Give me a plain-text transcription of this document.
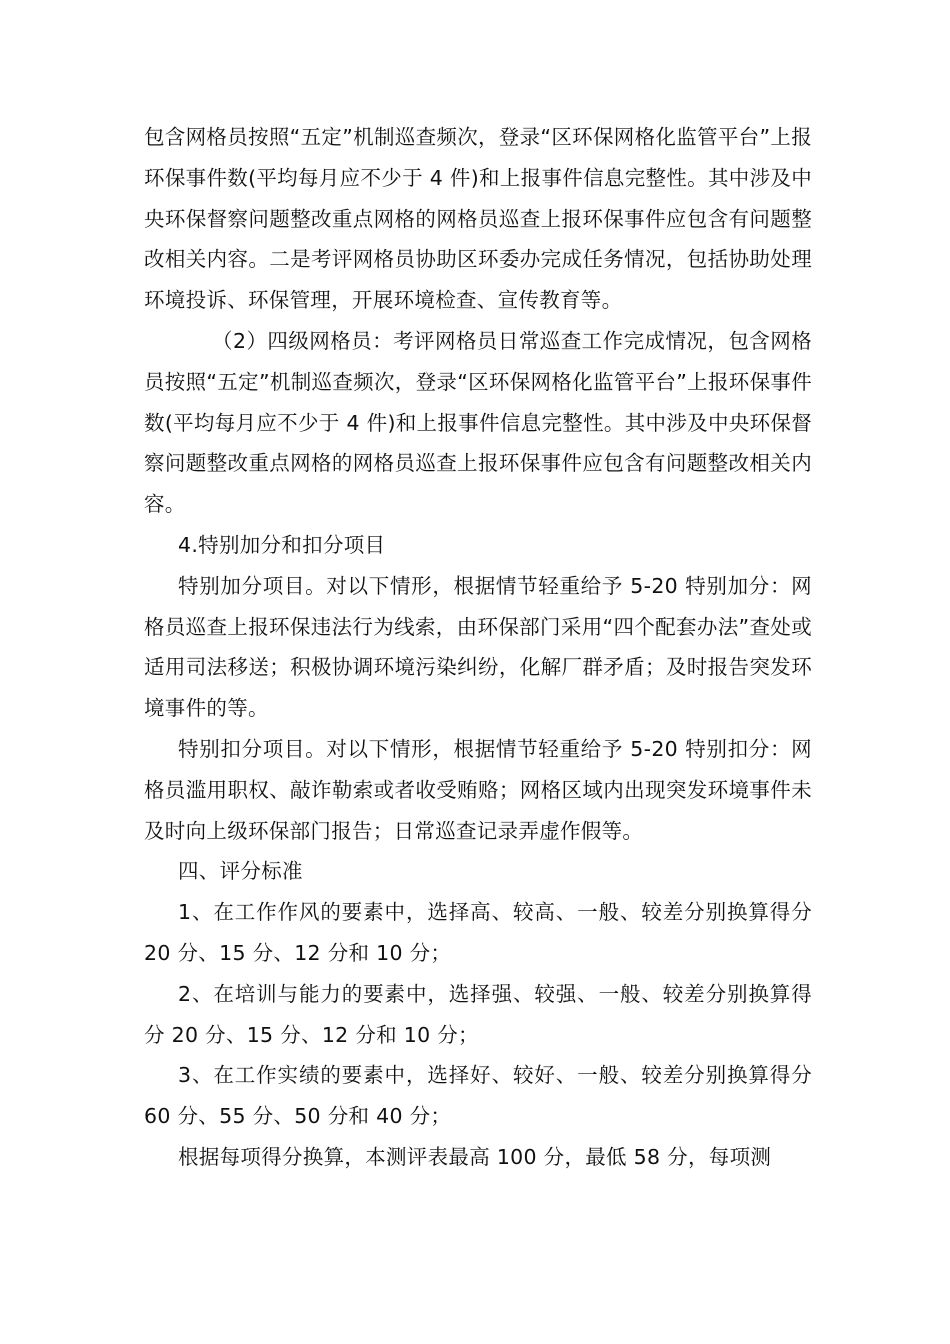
包含网格员按照“五定”机制巡查频次，登录“区环保网格化监管平台”上报环保事件数(平均每月应不少于 4 件)和上报事件信息完整性。其中涉及中央环保督察问题整改重点网格的网格员巡查上报环保事件应包含有问题整改相关内容。二是考评网格员协助区环委办完成任务情况，包括协助处理环境投诉、环保管理，开展环境检查、宣传教育等。

（2）四级网格员：考评网格员日常巡查工作完成情况，包含网格员按照“五定”机制巡查频次，登录“区环保网格化监管平台”上报环保事件数(平均每月应不少于 4 件)和上报事件信息完整性。其中涉及中央环保督察问题整改重点网格的网格员巡查上报环保事件应包含有问题整改相关内容。

4.特别加分和扣分项目

特别加分项目。对以下情形，根据情节轻重给予 5-20 特别加分：网格员巡查上报环保违法行为线索，由环保部门采用“四个配套办法”查处或适用司法移送；积极协调环境污染纠纷，化解厂群矛盾；及时报告突发环境事件的等。

特别扣分项目。对以下情形，根据情节轻重给予 5-20 特别扣分：网格员滥用职权、敲诈勒索或者收受贿赂；网格区域内出现突发环境事件未及时向上级环保部门报告；日常巡查记录弄虚作假等。

四、评分标准

1、在工作作风的要素中，选择高、较高、一般、较差分别换算得分 20 分、15 分、12 分和 10 分；

2、在培训与能力的要素中，选择强、较强、一般、较差分别换算得分 20 分、15 分、12 分和 10 分；

3、在工作实绩的要素中，选择好、较好、一般、较差分别换算得分 60 分、55 分、50 分和 40 分；

根据每项得分换算，本测评表最高 100 分，最低 58 分，每项测
